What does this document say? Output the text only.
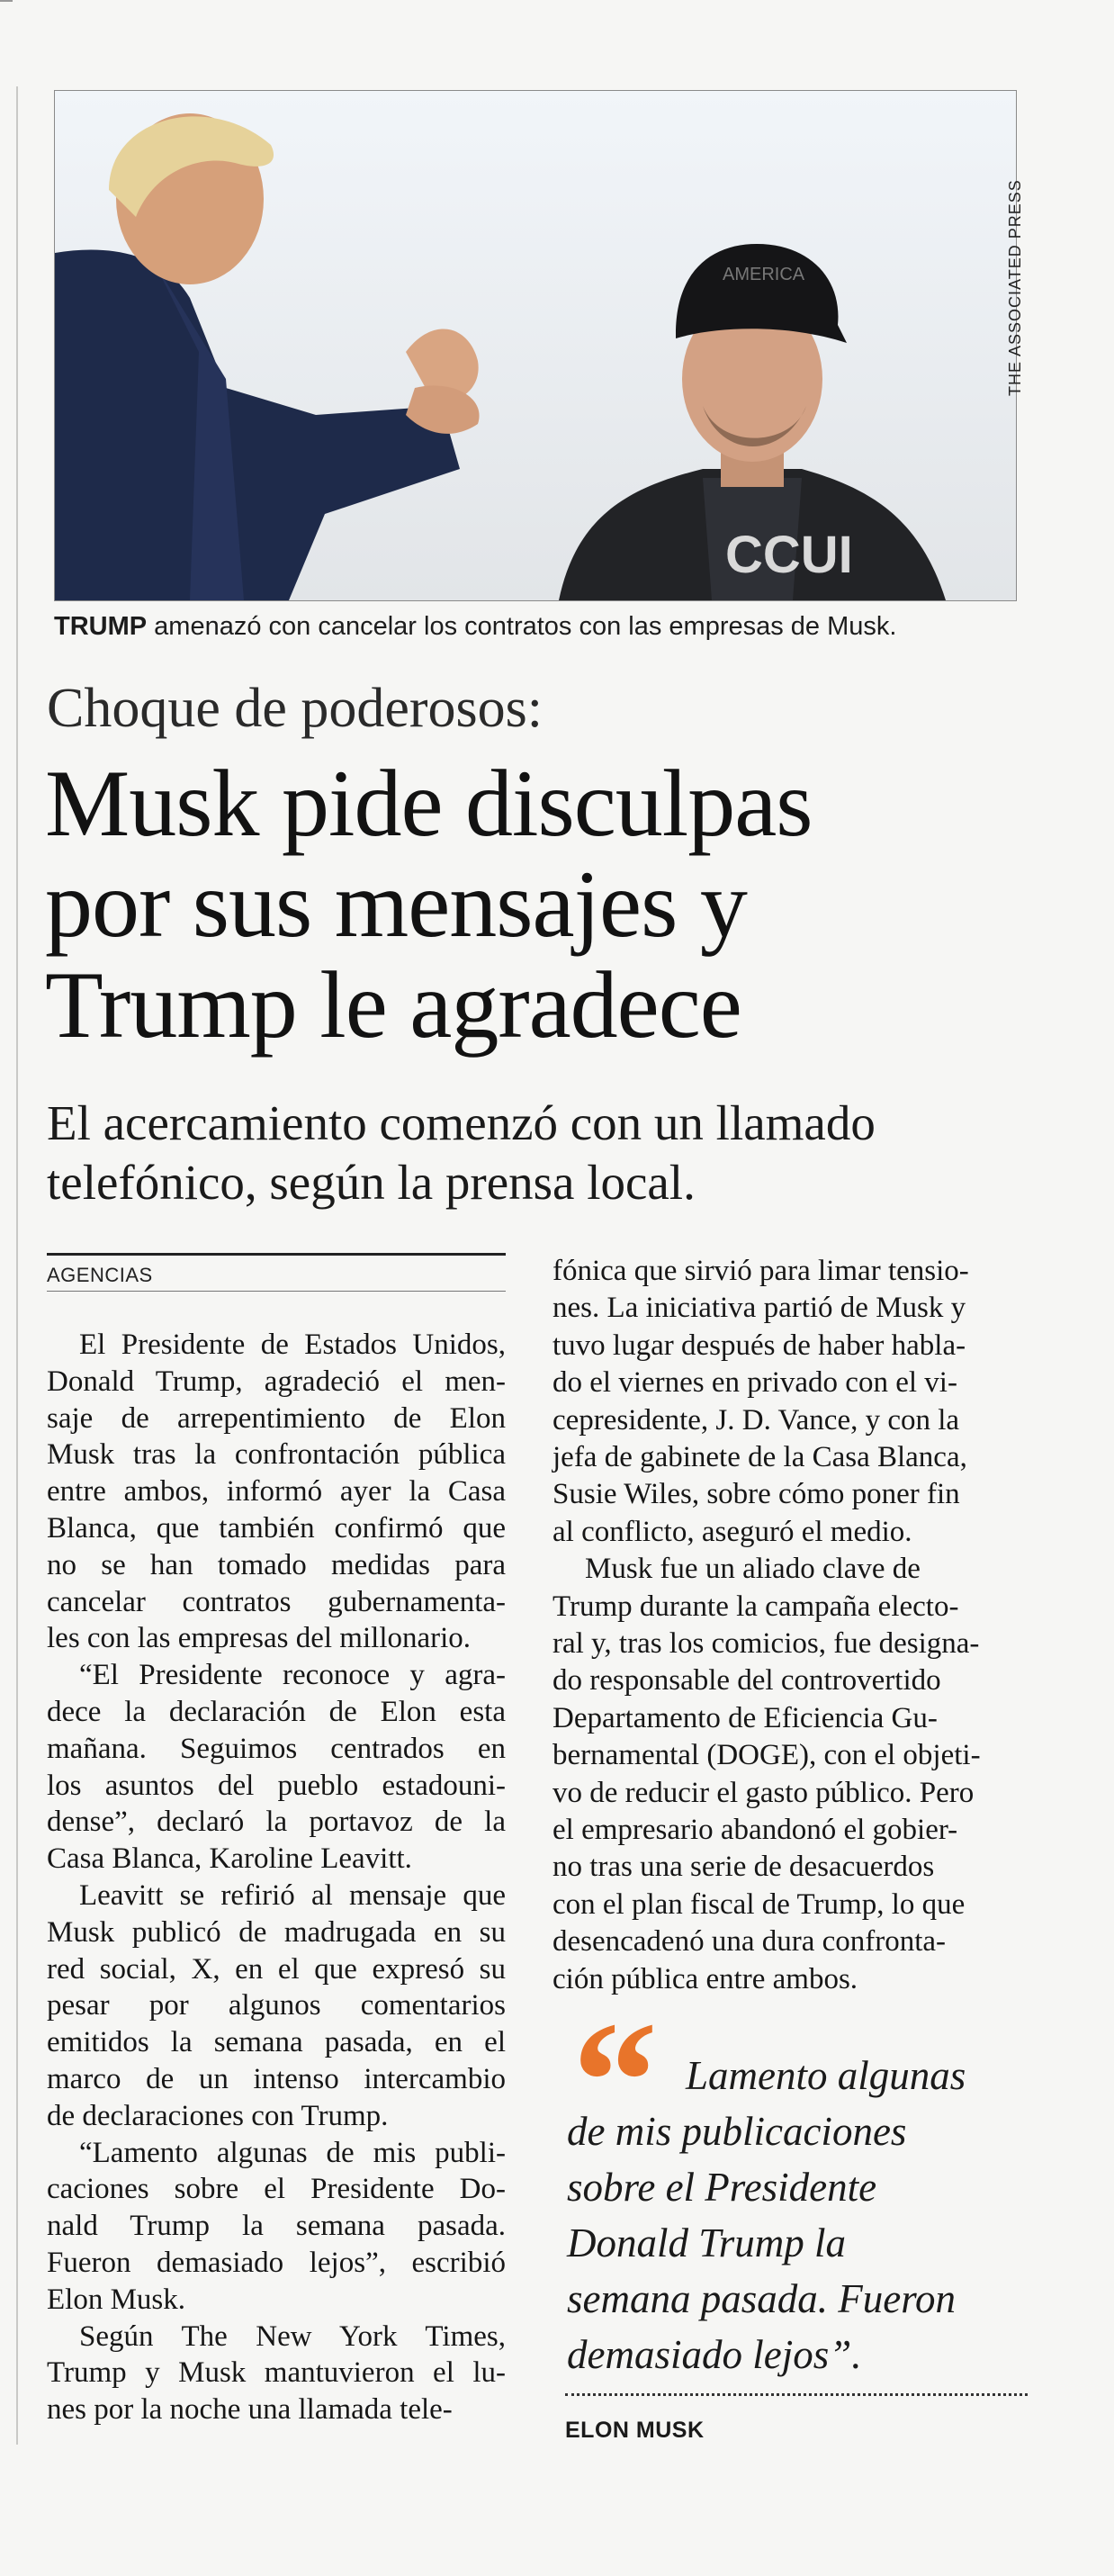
CCUI
AMERICA	THE ASSOCIATED PRESS
TRUMP amenazó con cancelar los contratos con las empresas de Musk.
Choque de poderosos:
Musk pide disculpas
por sus mensajes y
Trump le agradece
El acercamiento comenzó con un llamado
telefónico, según la prensa local.
AGENCIAS
El Presidente de Estados Unidos,
Donald Trump, agradeció el men-
saje de arrepentimiento de Elon
Musk tras la confrontación pública
entre ambos, informó ayer la Casa
Blanca, que también confirmó que
no se han tomado medidas para
cancelar contratos gubernamenta-
les con las empresas del millonario.
“El Presidente reconoce y agra-
dece la declaración de Elon esta
mañana. Seguimos centrados en
los asuntos del pueblo estadouni-
dense”, declaró la portavoz de la
Casa Blanca, Karoline Leavitt.
Leavitt se refirió al mensaje que
Musk publicó de madrugada en su
red social, X, en el que expresó su
pesar por algunos comentarios
emitidos la semana pasada, en el
marco de un intenso intercambio
de declaraciones con Trump.
“Lamento algunas de mis publi-
caciones sobre el Presidente Do-
nald Trump la semana pasada.
Fueron demasiado lejos”, escribió
Elon Musk.
Según The New York Times,
Trump y Musk mantuvieron el lu-
nes por la noche una llamada tele-
fónica que sirvió para limar tensio-
nes. La iniciativa partió de Musk y
tuvo lugar después de haber habla-
do el viernes en privado con el vi-
cepresidente, J. D. Vance, y con la
jefa de gabinete de la Casa Blanca,
Susie Wiles, sobre cómo poner fin
al conflicto, aseguró el medio.
Musk fue un aliado clave de
Trump durante la campaña electo-
ral y, tras los comicios, fue designa-
do responsable del controvertido
Departamento de Eficiencia Gu-
bernamental (DOGE), con el objeti-
vo de reducir el gasto público. Pero
el empresario abandonó el gobier-
no tras una serie de desacuerdos
con el plan fiscal de Trump, lo que
desencadenó una dura confronta-
ción pública entre ambos.
“ Lamento algunas
de mis publicaciones
sobre el Presidente
Donald Trump la
semana pasada. Fueron
demasiado lejos”.
ELON MUSK
